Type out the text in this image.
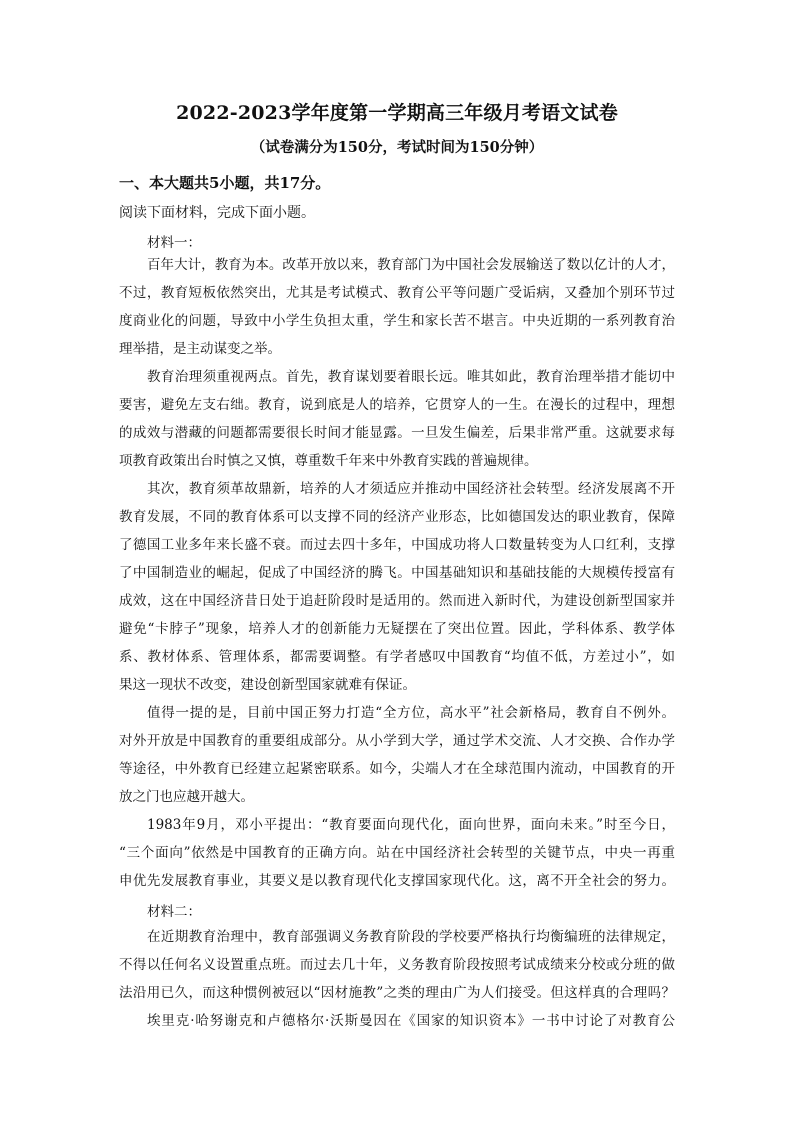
2022-2023学年度第一学期高三年级月考语文试卷
（试卷满分为150分，考试时间为150分钟）
一、本大题共5小题，共17分。
阅读下面材料，完成下面小题。
材料一：
百年大计，教育为本。改革开放以来，教育部门为中国社会发展输送了数以亿计的人才，
不过，教育短板依然突出，尤其是考试模式、教育公平等问题广受诟病，又叠加个别环节过
度商业化的问题，导致中小学生负担太重，学生和家长苦不堪言。中央近期的一系列教育治
理举措，是主动谋变之举。
教育治理须重视两点。首先，教育谋划要着眼长远。唯其如此，教育治理举措才能切中
要害，避免左支右绌。教育，说到底是人的培养，它贯穿人的一生。在漫长的过程中，理想
的成效与潜藏的问题都需要很长时间才能显露。一旦发生偏差，后果非常严重。这就要求每
项教育政策出台时慎之又慎，尊重数千年来中外教育实践的普遍规律。
其次，教育须革故鼎新，培养的人才须适应并推动中国经济社会转型。经济发展离不开
教育发展，不同的教育体系可以支撑不同的经济产业形态，比如德国发达的职业教育，保障
了德国工业多年来长盛不衰。而过去四十多年，中国成功将人口数量转变为人口红利，支撑
了中国制造业的崛起，促成了中国经济的腾飞。中国基础知识和基础技能的大规模传授富有
成效，这在中国经济昔日处于追赶阶段时是适用的。然而进入新时代，为建设创新型国家并
避免“卡脖子”现象，培养人才的创新能力无疑摆在了突出位置。因此，学科体系、教学体
系、教材体系、管理体系，都需要调整。有学者感叹中国教育“均值不低，方差过小”，如
果这一现状不改变，建设创新型国家就难有保证。
值得一提的是，目前中国正努力打造“全方位，高水平”社会新格局，教育自不例外。
对外开放是中国教育的重要组成部分。从小学到大学，通过学术交流、人才交换、合作办学
等途径，中外教育已经建立起紧密联系。如今，尖端人才在全球范围内流动，中国教育的开
放之门也应越开越大。
1983年9月，邓小平提出：“教育要面向现代化，面向世界，面向未来。”时至今日，
“三个面向”依然是中国教育的正确方向。站在中国经济社会转型的关键节点，中央一再重
申优先发展教育事业，其要义是以教育现代化支撑国家现代化。这，离不开全社会的努力。
材料二：
在近期教育治理中，教育部强调义务教育阶段的学校要严格执行均衡编班的法律规定，
不得以任何名义设置重点班。而过去几十年，义务教育阶段按照考试成绩来分校或分班的做
法沿用已久，而这种惯例被冠以“因材施教”之类的理由广为人们接受。但这样真的合理吗？
埃里克·哈努谢克和卢德格尔·沃斯曼因在《国家的知识资本》一书中讨论了对教育公
